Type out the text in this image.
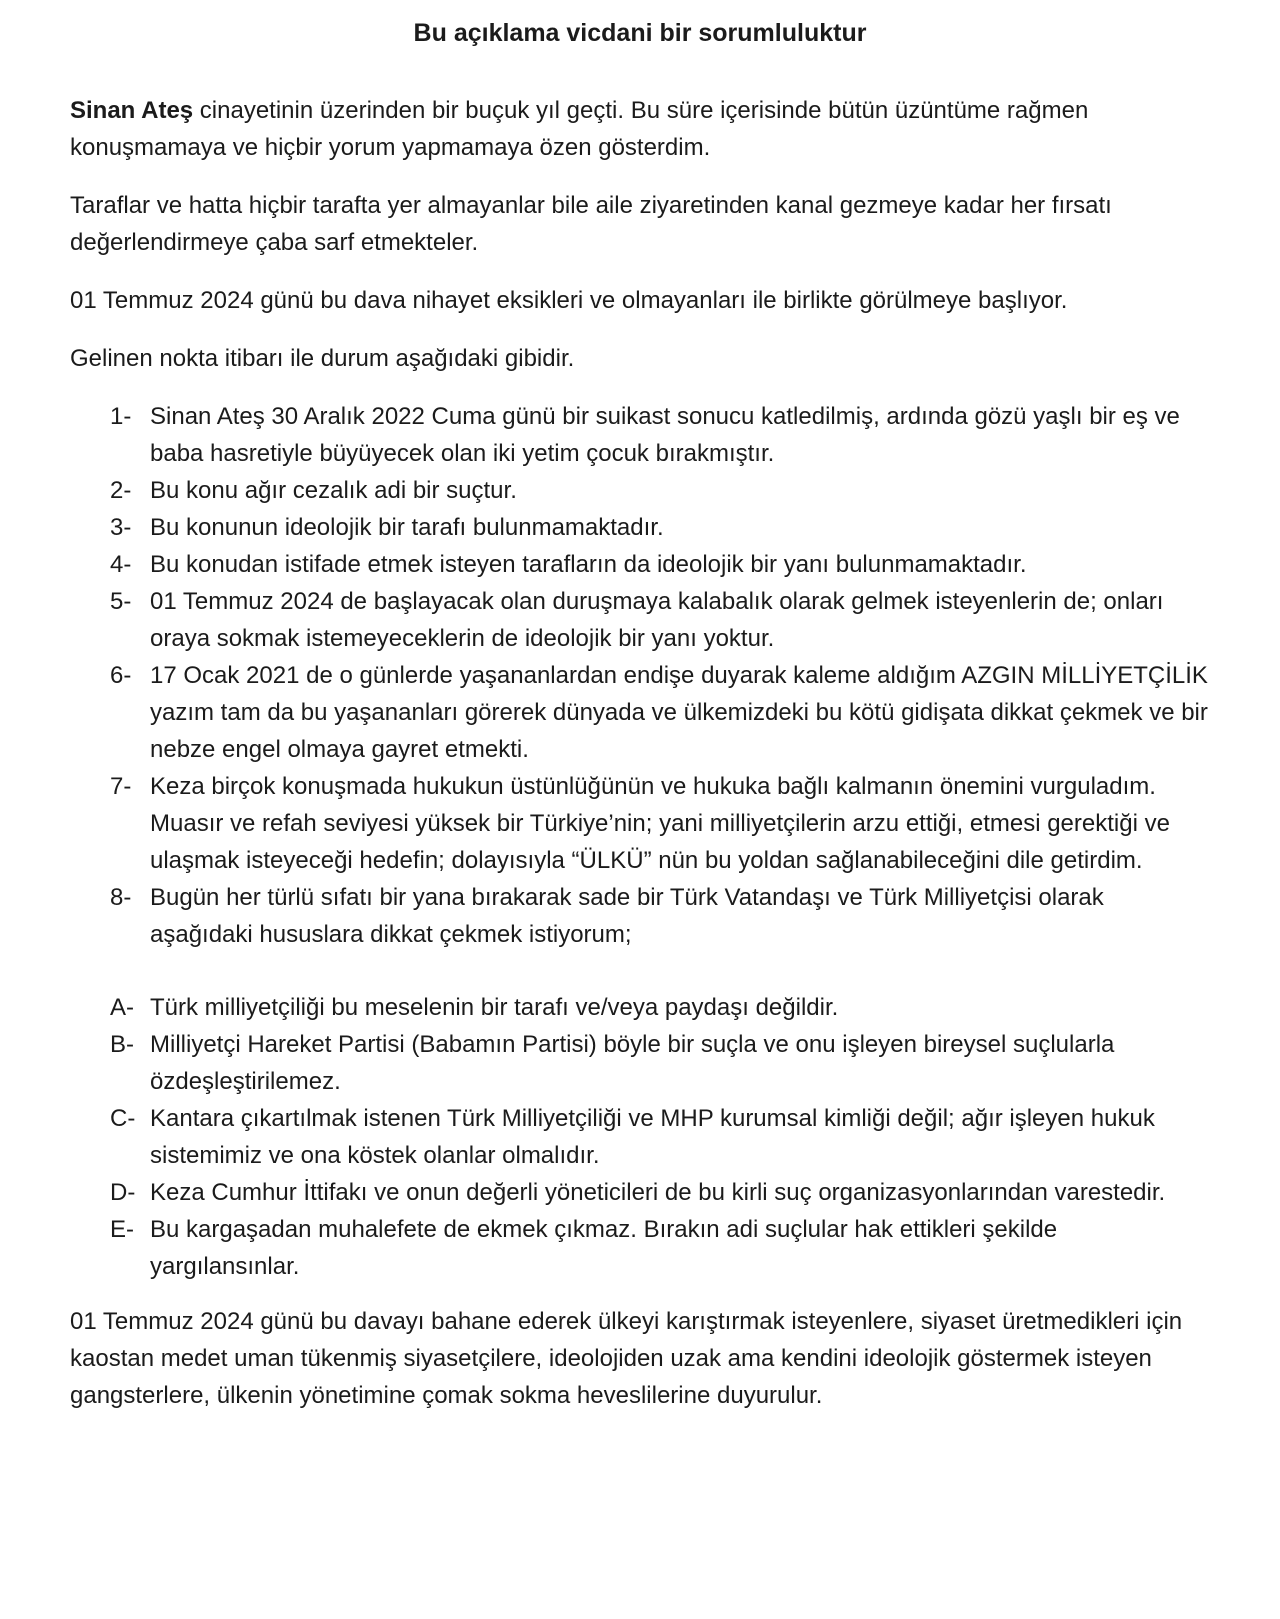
Bu açıklama vicdani bir sorumluluktur

Sinan Ateş cinayetinin üzerinden bir buçuk yıl geçti. Bu süre içerisinde bütün üzüntüme rağmen konuşmamaya ve hiçbir yorum yapmamaya özen gösterdim.

Taraflar ve hatta hiçbir tarafta yer almayanlar bile aile ziyaretinden kanal gezmeye kadar her fırsatı değerlendirmeye çaba sarf etmekteler.

01 Temmuz 2024 günü bu dava nihayet eksikleri ve olmayanları ile birlikte görülmeye başlıyor.

Gelinen nokta itibarı ile durum aşağıdaki gibidir.

1- Sinan Ateş 30 Aralık 2022 Cuma günü bir suikast sonucu katledilmiş, ardında gözü yaşlı bir eş ve baba hasretiyle büyüyecek olan iki yetim çocuk bırakmıştır.
2- Bu konu ağır cezalık adi bir suçtur.
3- Bu konunun ideolojik bir tarafı bulunmamaktadır.
4- Bu konudan istifade etmek isteyen tarafların da ideolojik bir yanı bulunmamaktadır.
5- 01 Temmuz 2024 de başlayacak olan duruşmaya kalabalık olarak gelmek isteyenlerin de; onları oraya sokmak istemeyeceklerin de ideolojik bir yanı yoktur.
6- 17 Ocak 2021 de o günlerde yaşananlardan endişe duyarak kaleme aldığım AZGIN MİLLİYETÇİLİK yazım tam da bu yaşananları görerek dünyada ve ülkemizdeki bu kötü gidişata dikkat çekmek ve bir nebze engel olmaya gayret etmekti.
7- Keza birçok konuşmada hukukun üstünlüğünün ve hukuka bağlı kalmanın önemini vurguladım.
Muasır ve refah seviyesi yüksek bir Türkiye’nin; yani milliyetçilerin arzu ettiği, etmesi gerektiği ve ulaşmak isteyeceği hedefin; dolayısıyla “ÜLKÜ” nün bu yoldan sağlanabileceğini dile getirdim.
8- Bugün her türlü sıfatı bir yana bırakarak sade bir Türk Vatandaşı ve Türk Milliyetçisi olarak aşağıdaki hususlara dikkat çekmek istiyorum;
A- Türk milliyetçiliği bu meselenin bir tarafı ve/veya paydaşı değildir.
B- Milliyetçi Hareket Partisi (Babamın Partisi) böyle bir suçla ve onu işleyen bireysel suçlularla özdeşleştirilemez.
C- Kantara çıkartılmak istenen Türk Milliyetçiliği ve MHP kurumsal kimliği değil; ağır işleyen hukuk sistemimiz ve ona köstek olanlar olmalıdır.
D- Keza Cumhur İttifakı ve onun değerli yöneticileri de bu kirli suç organizasyonlarından varestedir.
E- Bu kargaşadan muhalefete de ekmek çıkmaz. Bırakın adi suçlular hak ettikleri şekilde yargılansınlar.

01 Temmuz 2024 günü bu davayı bahane ederek ülkeyi karıştırmak isteyenlere, siyaset üretmedikleri için kaostan medet uman tükenmiş siyasetçilere, ideolojiden uzak ama kendini ideolojik göstermek isteyen gangsterlere, ülkenin yönetimine çomak sokma heveslilerine duyurulur.
